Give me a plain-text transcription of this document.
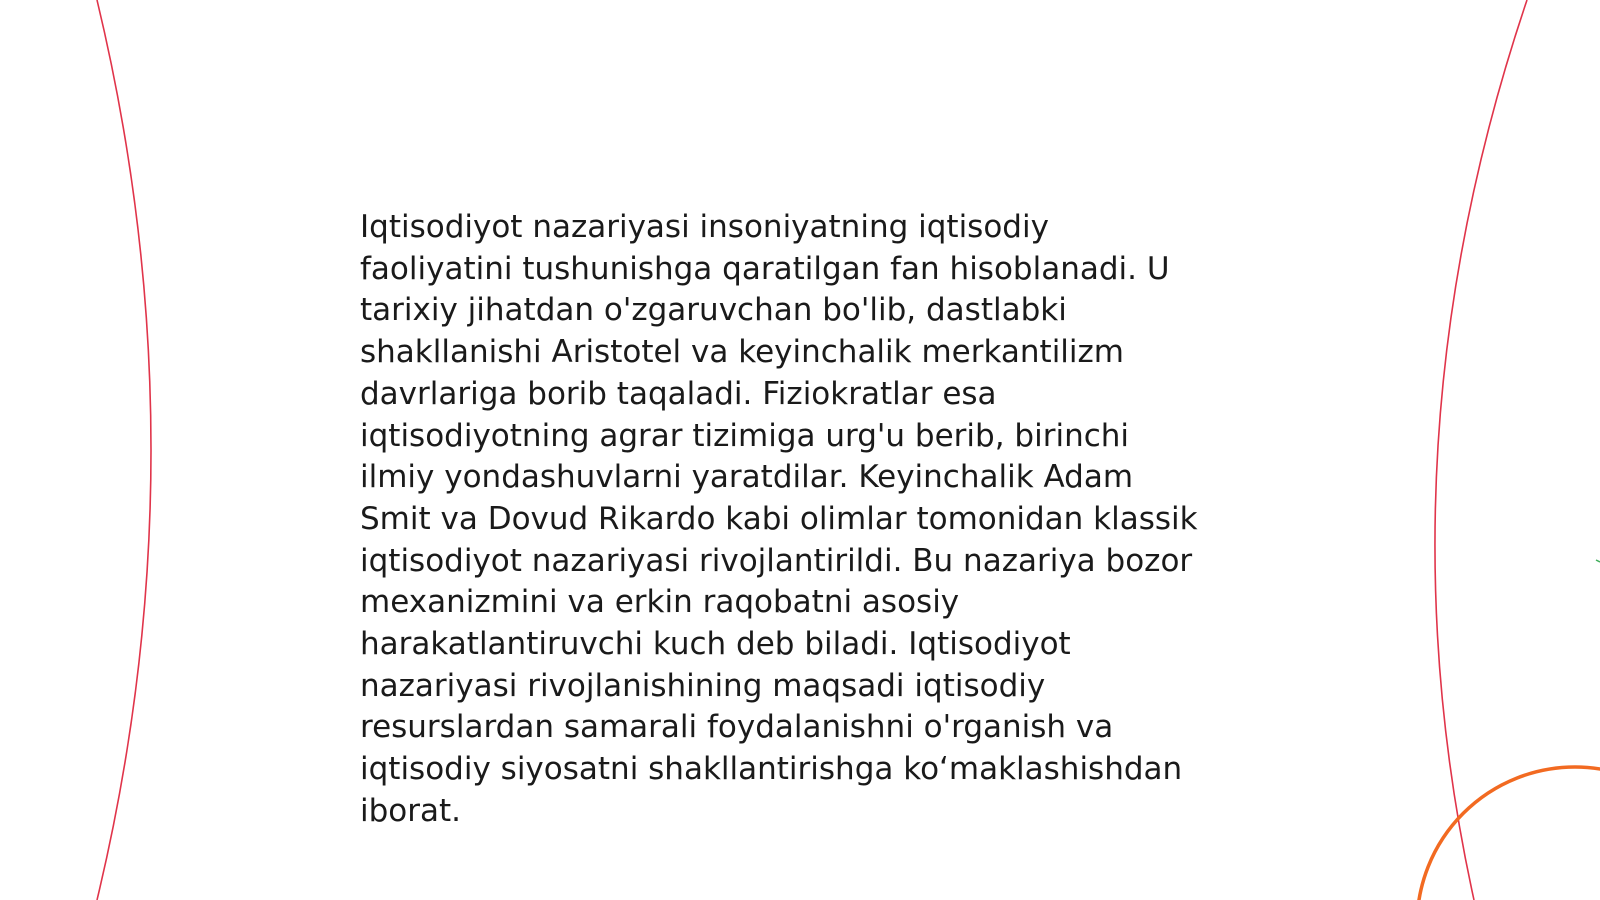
Iqtisodiyot nazariyasi insoniyatning iqtisodiy
faoliyatini tushunishga qaratilgan fan hisoblanadi. U
tarixiy jihatdan o'zgaruvchan bo'lib, dastlabki
shakllanishi Aristotel va keyinchalik merkantilizm
davrlariga borib taqaladi. Fiziokratlar esa
iqtisodiyotning agrar tizimiga urg'u berib, birinchi
ilmiy yondashuvlarni yaratdilar. Keyinchalik Adam
Smit va Dovud Rikardo kabi olimlar tomonidan klassik
iqtisodiyot nazariyasi rivojlantirildi. Bu nazariya bozor
mexanizmini va erkin raqobatni asosiy
harakatlantiruvchi kuch deb biladi. Iqtisodiyot
nazariyasi rivojlanishining maqsadi iqtisodiy
resurslardan samarali foydalanishni o'rganish va
iqtisodiy siyosatni shakllantirishga ko‘maklashishdan
iborat.
